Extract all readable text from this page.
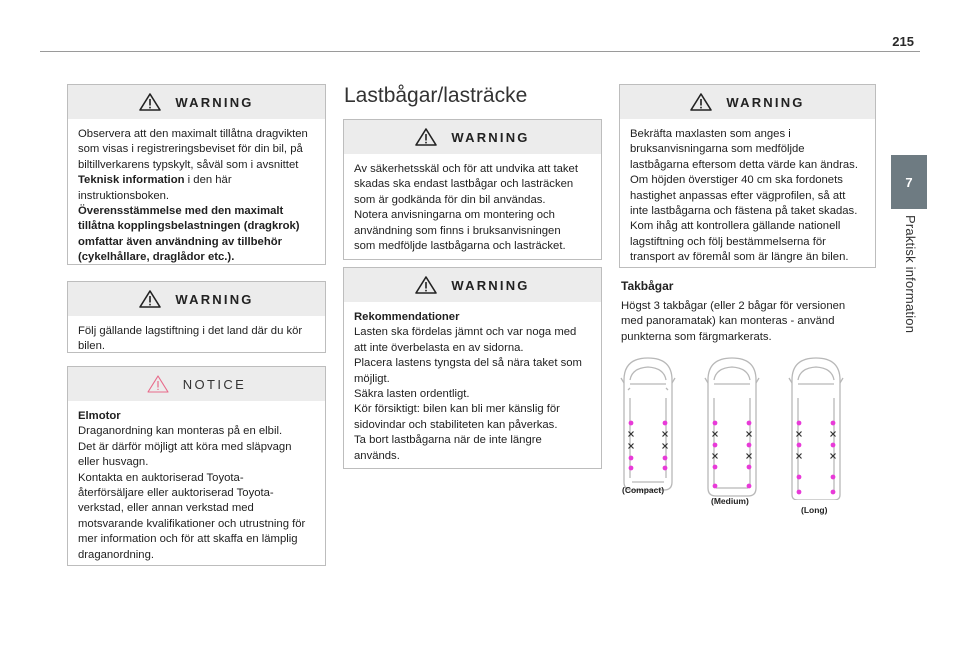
215
7
Praktisk information
WARNING
Observera att den maximalt tillåtna dragvikten
som visas i registreringsbeviset för din bil, på
biltillverkarens typskylt, såväl som i avsnittet
Teknisk information i den här
instruktionsboken.
Överensstämmelse med den maximalt
tillåtna kopplingsbelastningen (dragkrok)
omfattar även användning av tillbehör
(cykelhållare, draglådor etc.).
WARNING
Följ gällande lagstiftning i det land där du kör
bilen.
NOTICE
Elmotor
Draganordning kan monteras på en elbil.
Det är därför möjligt att köra med släpvagn
eller husvagn.
Kontakta en auktoriserad Toyota-
återförsäljare eller auktoriserad Toyota-
verkstad, eller annan verkstad med
motsvarande kvalifikationer och utrustning för
mer information och för att skaffa en lämplig
draganordning.
Lastbågar/lasträcke
WARNING
Av säkerhetsskäl och för att undvika att taket
skadas ska endast lastbågar och lasträcken
som är godkända för din bil användas.
Notera anvisningarna om montering och
användning som finns i bruksanvisningen
som medföljde lastbågarna och lasträcket.
WARNING
Rekommendationer
Lasten ska fördelas jämnt och var noga med
att inte överbelasta en av sidorna.
Placera lastens tyngsta del så nära taket som
möjligt.
Säkra lasten ordentligt.
Kör försiktigt: bilen kan bli mer känslig för
sidovindar och stabiliteten kan påverkas.
Ta bort lastbågarna när de inte längre
används.
WARNING
Bekräfta maxlasten som anges i
bruksanvisningarna som medföljde
lastbågarna eftersom detta värde kan ändras.
Om höjden överstiger 40 cm ska fordonets
hastighet anpassas efter vägprofilen, så att
inte lastbågarna och fästena på taket skadas.
Kom ihåg att kontrollera gällande nationell
lagstiftning och följ bestämmelserna för
transport av föremål som är längre än bilen.
Takbågar
Högst 3 takbågar (eller 2 bågar för versionen
med panoramatak) kan monteras - använd
punkterna som färgmarkerats.
(Compact)
(Medium)
(Long)
